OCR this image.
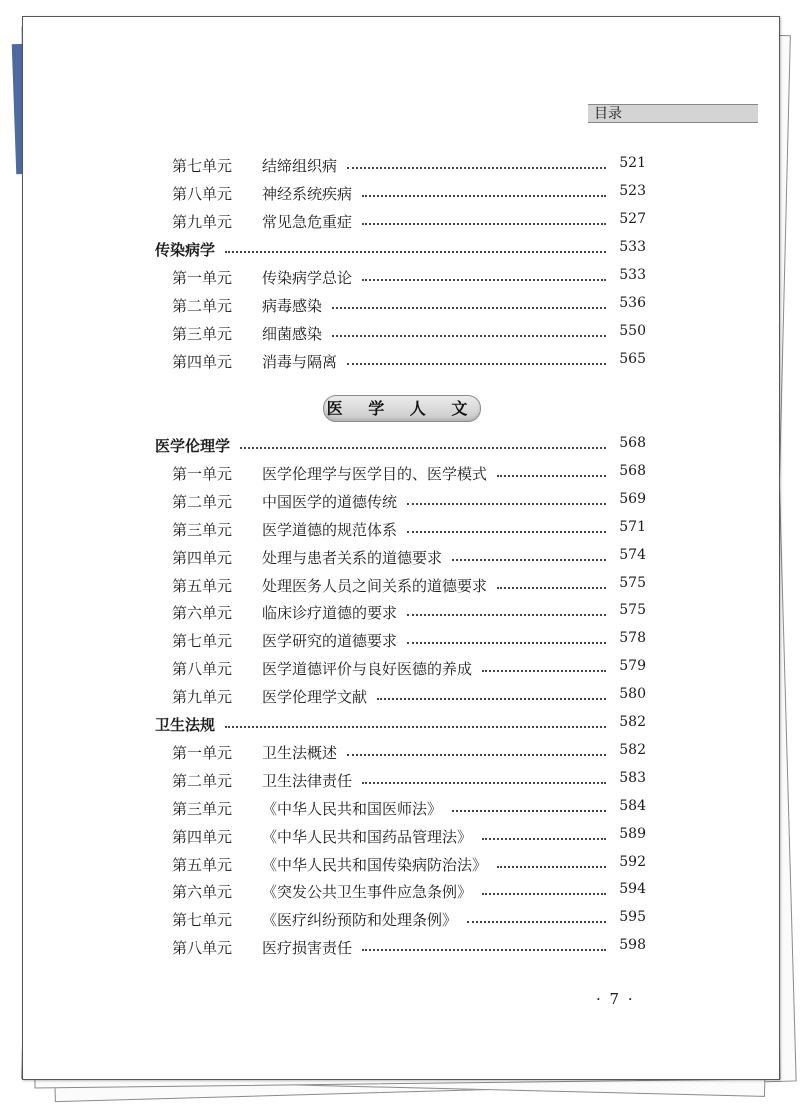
目录
第七单元 结缔组织病	521
第八单元 神经系统疾病	523
第九单元 常见急危重症	527
传染病学	533
第一单元 传染病学总论	533
第二单元 病毒感染	536
第三单元 细菌感染	550
第四单元 消毒与隔离	565
医学伦理学	568
第一单元 医学伦理学与医学目的、医学模式	568
第二单元 中国医学的道德传统	569
第三单元 医学道德的规范体系	571
第四单元 处理与患者关系的道德要求	574
第五单元 处理医务人员之间关系的道德要求	575
第六单元 临床诊疗道德的要求	575
第七单元 医学研究的道德要求	578
第八单元 医学道德评价与良好医德的养成	579
第九单元 医学伦理学文献	580
卫生法规	582
第一单元 卫生法概述	582
第二单元 卫生法律责任	583
第三单元 《中华人民共和国医师法》	584
第四单元 《中华人民共和国药品管理法》	589
第五单元 《中华人民共和国传染病防治法》	592
第六单元 《突发公共卫生事件应急条例》	594
第七单元 《医疗纠纷预防和处理条例》	595
第八单元 医疗损害责任	598
医 学 人 文
· 7 ·
